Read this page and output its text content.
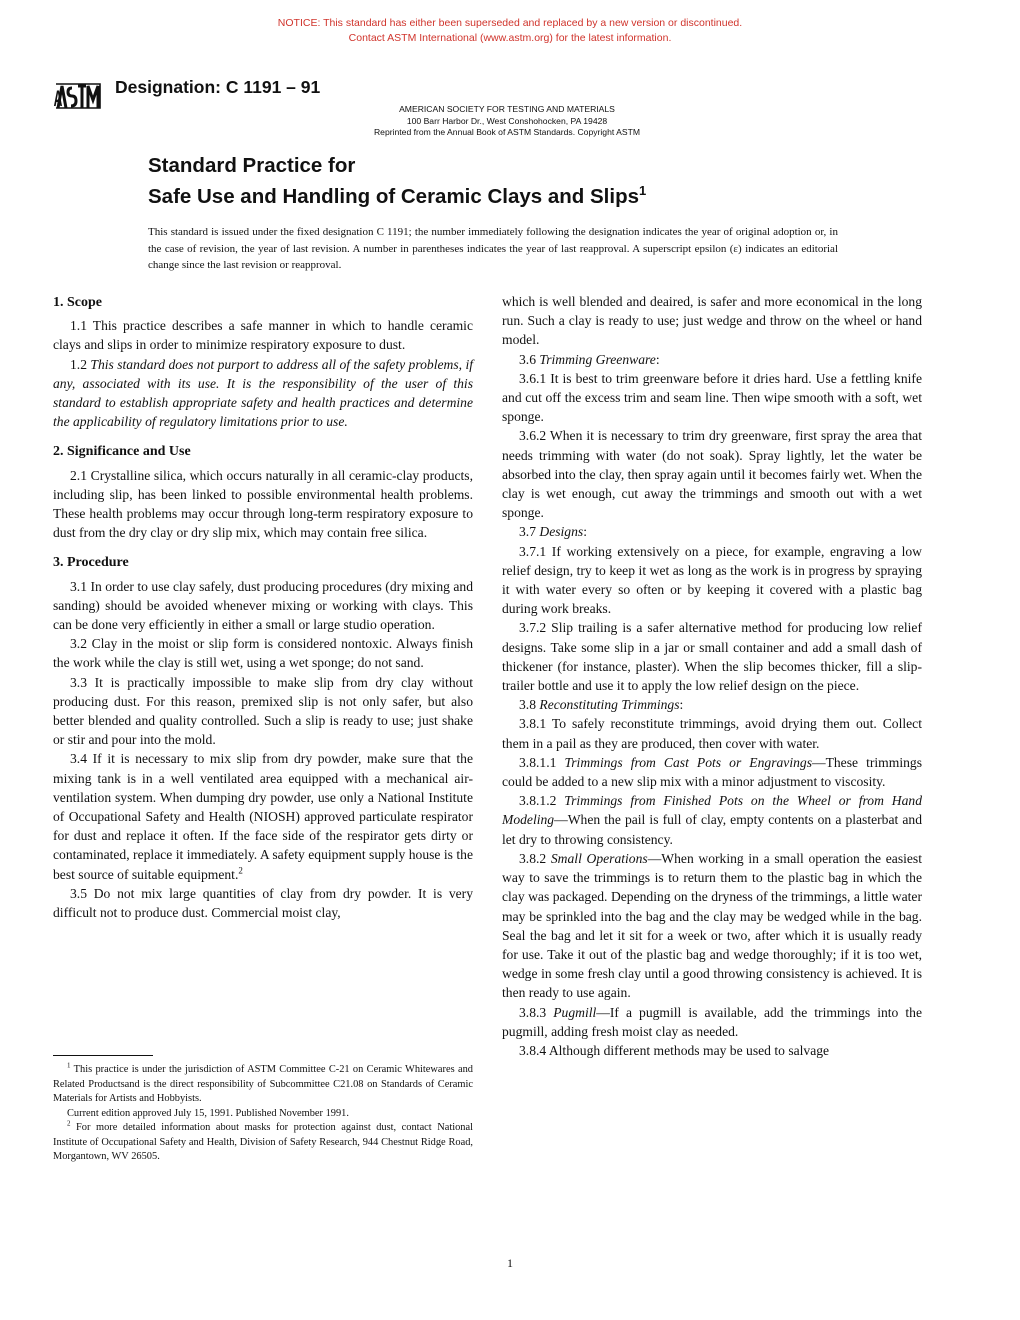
NOTICE: This standard has either been superseded and replaced by a new version or discontinued.
Contact ASTM International (www.astm.org) for the latest information.
A	Designation: C 1191 – 91
AMERICAN SOCIETY FOR TESTING AND MATERIALS
100 Barr Harbor Dr., West Conshohocken, PA 19428
Reprinted from the Annual Book of ASTM Standards. Copyright ASTM
Standard Practice for
Safe Use and Handling of Ceramic Clays and Slips$^1$
This standard is issued under the fixed designation C 1191; the number immediately following the designation indicates the year of original adoption or, in the case of revision, the year of last revision. A number in parentheses indicates the year of last reapproval. A superscript epsilon (ε) indicates an editorial change since the last revision or reapproval.
1. Scope

1.1 This practice describes a safe manner in which to handle ceramic clays and slips in order to minimize respiratory exposure to dust.

1.2 This standard does not purport to address all of the safety problems, if any, associated with its use. It is the responsibility of the user of this standard to establish appropriate safety and health practices and determine the applicability of regulatory limitations prior to use.

2. Significance and Use

2.1 Crystalline silica, which occurs naturally in all ceramic-clay products, including slip, has been linked to possible environmental health problems. These health problems may occur through long-term respiratory exposure to dust from the dry clay or dry slip mix, which may contain free silica.

3. Procedure

3.1 In order to use clay safely, dust producing procedures (dry mixing and sanding) should be avoided whenever mixing or working with clays. This can be done very efficiently in either a small or large studio operation.

3.2 Clay in the moist or slip form is considered nontoxic. Always finish the work while the clay is still wet, using a wet sponge; do not sand.

3.3 It is practically impossible to make slip from dry clay without producing dust. For this reason, premixed slip is not only safer, but also better blended and quality controlled. Such a slip is ready to use; just shake or stir and pour into the mold.

3.4 If it is necessary to mix slip from dry powder, make sure that the mixing tank is in a well ventilated area equipped with a mechanical air-ventilation system. When dumping dry powder, use only a National Institute of Occupational Safety and Health (NIOSH) approved particulate respirator for dust and replace it often. If the face side of the respirator gets dirty or contaminated, replace it immediately. A safety equipment supply house is the best source of suitable equipment.$^2$

3.5 Do not mix large quantities of clay from dry powder. It is very difficult not to produce dust. Commercial moist clay,

$^1$ This practice is under the jurisdiction of ASTM Committee C-21 on Ceramic Whitewares and Related Productsand is the direct responsibility of Subcommittee C21.08 on Standards of Ceramic Materials for Artists and Hobbyists.

Current edition approved July 15, 1991. Published November 1991.

$^2$ For more detailed information about masks for protection against dust, contact National Institute of Occupational Safety and Health, Division of Safety Research, 944 Chestnut Ridge Road, Morgantown, WV 26505.

which is well blended and deaired, is safer and more economical in the long run. Such a clay is ready to use; just wedge and throw on the wheel or hand model.

3.6 Trimming Greenware:

3.6.1 It is best to trim greenware before it dries hard. Use a fettling knife and cut off the excess trim and seam line. Then wipe smooth with a soft, wet sponge.

3.6.2 When it is necessary to trim dry greenware, first spray the area that needs trimming with water (do not soak). Spray lightly, let the water be absorbed into the clay, then spray again until it becomes fairly wet. When the clay is wet enough, cut away the trimmings and smooth out with a wet sponge.

3.7 Designs:

3.7.1 If working extensively on a piece, for example, engraving a low relief design, try to keep it wet as long as the work is in progress by spraying it with water every so often or by keeping it covered with a plastic bag during work breaks.

3.7.2 Slip trailing is a safer alternative method for producing low relief designs. Take some slip in a jar or small container and add a small dash of thickener (for instance, plaster). When the slip becomes thicker, fill a slip-trailer bottle and use it to apply the low relief design on the piece.

3.8 Reconstituting Trimmings:

3.8.1 To safely reconstitute trimmings, avoid drying them out. Collect them in a pail as they are produced, then cover with water.

3.8.1.1 Trimmings from Cast Pots or Engravings—These trimmings could be added to a new slip mix with a minor adjustment to viscosity.

3.8.1.2 Trimmings from Finished Pots on the Wheel or from Hand Modeling—When the pail is full of clay, empty contents on a plasterbat and let dry to throwing consistency.

3.8.2 Small Operations—When working in a small operation the easiest way to save the trimmings is to return them to the plastic bag in which the clay was packaged. Depending on the dryness of the trimmings, a little water may be sprinkled into the bag and the clay may be wedged while in the bag. Seal the bag and let it sit for a week or two, after which it is usually ready for use. Take it out of the plastic bag and wedge thoroughly; if it is too wet, wedge in some fresh clay until a good throwing consistency is achieved. It is then ready to use again.

3.8.3 Pugmill—If a pugmill is available, add the trimmings into the pugmill, adding fresh moist clay as needed.

3.8.4 Although different methods may be used to salvage

1
